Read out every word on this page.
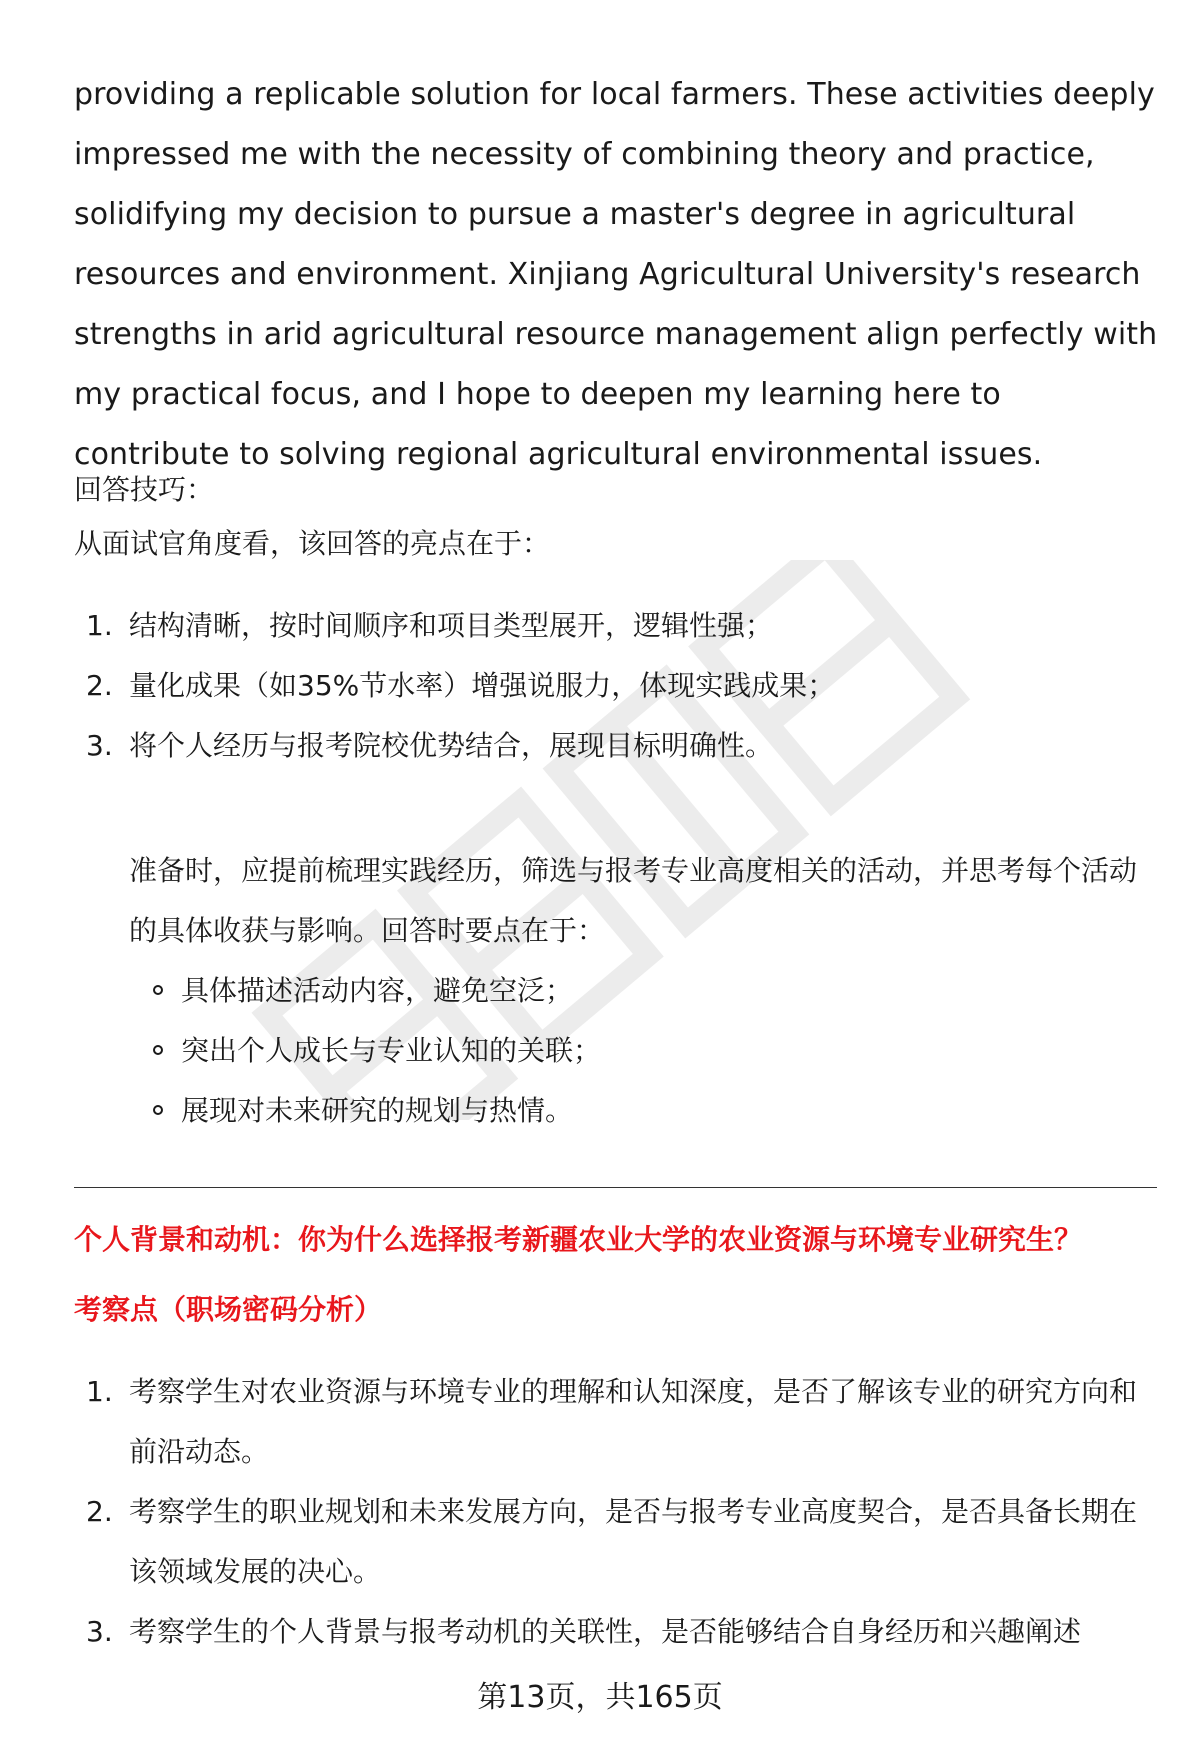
providing a replicable solution for local farmers. These activities deeply impressed me with the necessity of combining theory and practice, solidifying my decision to pursue a master's degree in agricultural resources and environment. Xinjiang Agricultural University's research strengths in arid agricultural resource management align perfectly with my practical focus, and I hope to deepen my learning here to contribute to solving regional agricultural environmental issues.

回答技巧：

从面试官角度看，该回答的亮点在于：

1. 结构清晰，按时间顺序和项目类型展开，逻辑性强；
2. 量化成果（如35%节水率）增强说服力，体现实践成果；
3. 将个人经历与报考院校优势结合，展现目标明确性。

准备时，应提前梳理实践经历，筛选与报考专业高度相关的活动，并思考每个活动的具体收获与影响。回答时要点在于：

具体描述活动内容，避免空泛；
突出个人成长与专业认知的关联；
展现对未来研究的规划与热情。

个人背景和动机：你为什么选择报考新疆农业大学的农业资源与环境专业研究生？

考察点（职场密码分析）

1. 考察学生对农业资源与环境专业的理解和认知深度，是否了解该专业的研究方向和前沿动态。
2. 考察学生的职业规划和未来发展方向，是否与报考专业高度契合，是否具备长期在该领域发展的决心。
3. 考察学生的个人背景与报考动机的关联性，是否能够结合自身经历和兴趣阐述
第13页，共165页
